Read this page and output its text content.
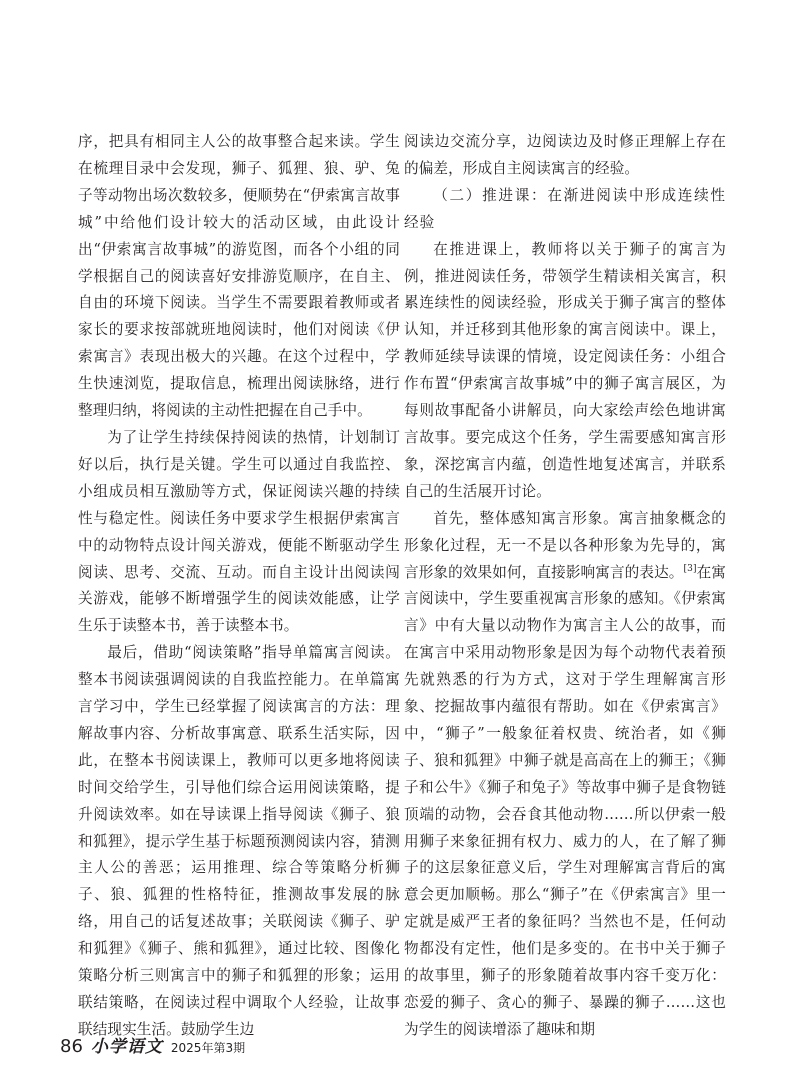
序，把具有相同主人公的故事整合起来读。学生在梳理目录中会发现，狮子、狐狸、狼、驴、兔子等动物出场次数较多，便顺势在“伊索寓言故事城”中给他们设计较大的活动区域，由此设计出“伊索寓言故事城”的游览图，而各个小组的同学根据自己的阅读喜好安排游览顺序，在自主、自由的环境下阅读。当学生不需要跟着教师或者家长的要求按部就班地阅读时，他们对阅读《伊索寓言》表现出极大的兴趣。在这个过程中，学生快速浏览，提取信息，梳理出阅读脉络，进行整理归纳，将阅读的主动性把握在自己手中。

为了让学生持续保持阅读的热情，计划制订好以后，执行是关键。学生可以通过自我监控、小组成员相互激励等方式，保证阅读兴趣的持续性与稳定性。阅读任务中要求学生根据伊索寓言中的动物特点设计闯关游戏，便能不断驱动学生阅读、思考、交流、互动。而自主设计出阅读闯关游戏，能够不断增强学生的阅读效能感，让学生乐于读整本书，善于读整本书。

最后，借助“阅读策略”指导单篇寓言阅读。整本书阅读强调阅读的自我监控能力。在单篇寓言学习中，学生已经掌握了阅读寓言的方法：理解故事内容、分析故事寓意、联系生活实际，因此，在整本书阅读课上，教师可以更多地将阅读时间交给学生，引导他们综合运用阅读策略，提升阅读效率。如在导读课上指导阅读《狮子、狼和狐狸》，提示学生基于标题预测阅读内容，猜测主人公的善恶；运用推理、综合等策略分析狮子、狼、狐狸的性格特征，推测故事发展的脉络，用自己的话复述故事；关联阅读《狮子、驴和狐狸》《狮子、熊和狐狸》，通过比较、图像化策略分析三则寓言中的狮子和狐狸的形象；运用联结策略，在阅读过程中调取个人经验，让故事联结现实生活。鼓励学生边

阅读边交流分享，边阅读边及时修正理解上存在的偏差，形成自主阅读寓言的经验。

（二）推进课：在渐进阅读中形成连续性经验

在推进课上，教师将以关于狮子的寓言为例，推进阅读任务，带领学生精读相关寓言，积累连续性的阅读经验，形成关于狮子寓言的整体认知，并迁移到其他形象的寓言阅读中。课上，教师延续导读课的情境，设定阅读任务：小组合作布置“伊索寓言故事城”中的狮子寓言展区，为每则故事配备小讲解员，向大家绘声绘色地讲寓言故事。要完成这个任务，学生需要感知寓言形象，深挖寓言内蕴，创造性地复述寓言，并联系自己的生活展开讨论。

首先，整体感知寓言形象。寓言抽象概念的形象化过程，无一不是以各种形象为先导的，寓言形象的效果如何，直接影响寓言的表达。[3]在寓言阅读中，学生要重视寓言形象的感知。《伊索寓言》中有大量以动物作为寓言主人公的故事，而在寓言中采用动物形象是因为每个动物代表着预先就熟悉的行为方式，这对于学生理解寓言形象、挖掘故事内蕴很有帮助。如在《伊索寓言》中，“狮子”一般象征着权贵、统治者，如《狮子、狼和狐狸》中狮子就是高高在上的狮王；《狮子和公牛》《狮子和兔子》等故事中狮子是食物链顶端的动物，会吞食其他动物……所以伊索一般用狮子来象征拥有权力、威力的人，在了解了狮子的这层象征意义后，学生对理解寓言背后的寓意会更加顺畅。那么“狮子”在《伊索寓言》里一定就是威严王者的象征吗？当然也不是，任何动物都没有定性，他们是多变的。在书中关于狮子的故事里，狮子的形象随着故事内容千变万化：恋爱的狮子、贪心的狮子、暴躁的狮子……这也为学生的阅读增添了趣味和期

86 小学语文 2025年第3期
